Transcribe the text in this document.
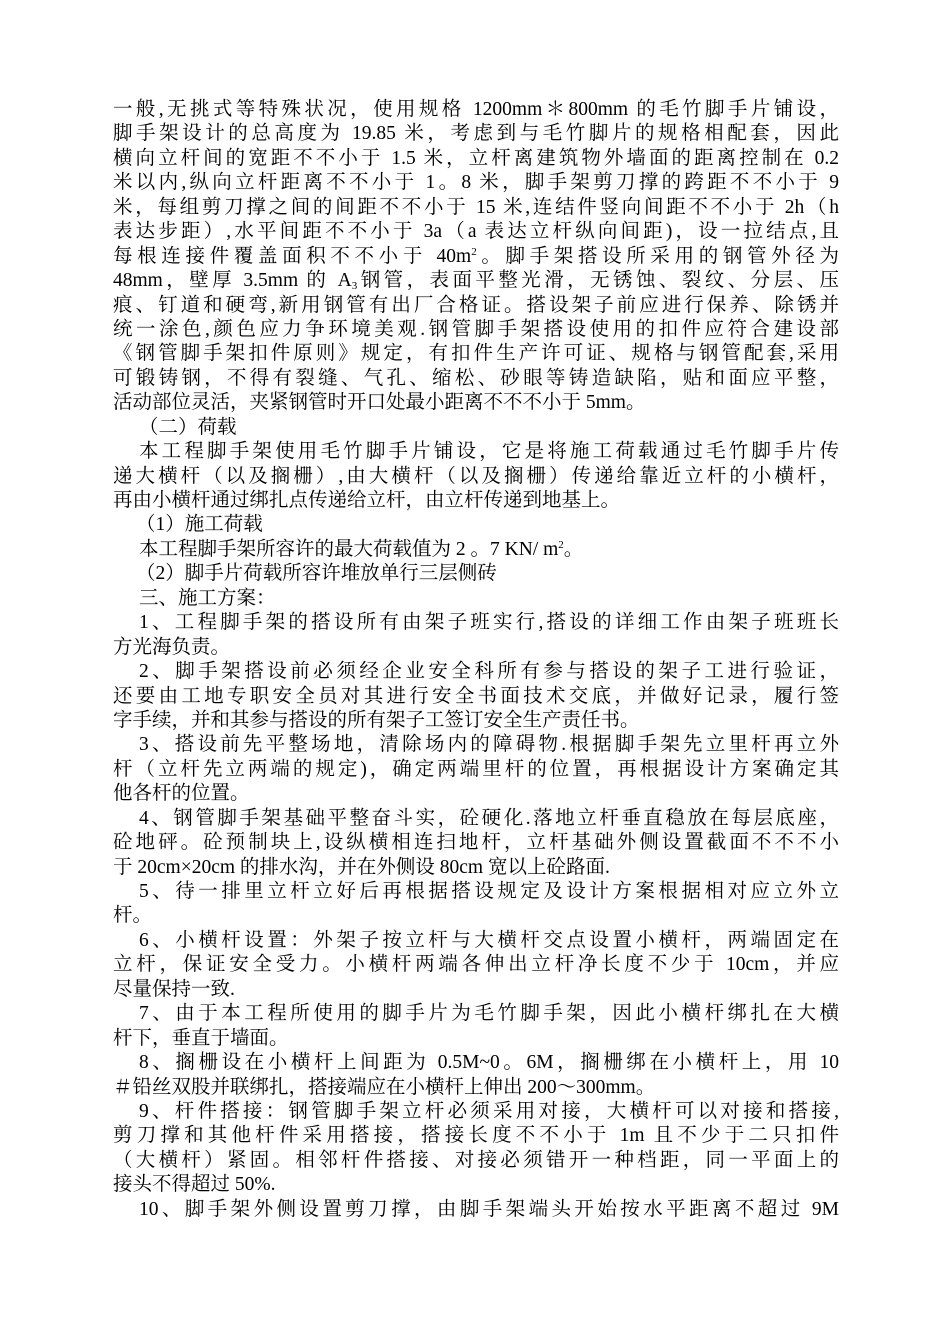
一般,无挑式等特殊状况，使用规格 1200mm＊800mm 的毛竹脚手片铺设，
脚手架设计的总高度为 19.85 米，考虑到与毛竹脚片的规格相配套，因此
横向立杆间的宽距不不小于 1.5 米，立杆离建筑物外墙面的距离控制在 0.2
米以内,纵向立杆距离不不小于 1。8 米，脚手架剪刀撑的跨距不不小于 9
米，每组剪刀撑之间的间距不不小于 15 米,连结件竖向间距不不小于 2h（h
表达步距）,水平间距不不小于 3a（a 表达立杆纵向间距)，设一拉结点,且
每根连接件覆盖面积不不小于 $40m^2$。脚手架搭设所采用的钢管外径为
48mm，壁厚 3.5mm 的 $A_3$钢管，表面平整光滑，无锈蚀、裂纹、分层、压
痕、钉道和硬弯,新用钢管有出厂合格证。搭设架子前应进行保养、除锈并
统一涂色,颜色应力争环境美观.钢管脚手架搭设使用的扣件应符合建设部
《钢管脚手架扣件原则》规定，有扣件生产许可证、规格与钢管配套,采用
可锻铸钢，不得有裂缝、气孔、缩松、砂眼等铸造缺陷，贴和面应平整，
活动部位灵活，夹紧钢管时开口处最小距离不不不小于 5mm。
（二）荷载
本工程脚手架使用毛竹脚手片铺设，它是将施工荷载通过毛竹脚手片传
递大横杆（以及搁栅）,由大横杆（以及搁栅）传递给靠近立杆的小横杆，
再由小横杆通过绑扎点传递给立杆，由立杆传递到地基上。
（1）施工荷载
本工程脚手架所容许的最大荷载值为 2 。7 KN/ $m^2$。
（2）脚手片荷载所容许堆放单行三层侧砖
三、施工方案：
1、工程脚手架的搭设所有由架子班实行,搭设的详细工作由架子班班长
方光海负责。
2、脚手架搭设前必须经企业安全科所有参与搭设的架子工进行验证，
还要由工地专职安全员对其进行安全书面技术交底，并做好记录，履行签
字手续，并和其参与搭设的所有架子工签订安全生产责任书。
3、搭设前先平整场地，清除场内的障碍物.根据脚手架先立里杆再立外
杆（立杆先立两端的规定)，确定两端里杆的位置，再根据设计方案确定其
他各杆的位置。
4、钢管脚手架基础平整奋斗实，砼硬化.落地立杆垂直稳放在每层底座，
砼地砰。砼预制块上,设纵横相连扫地杆，立杆基础外侧设置截面不不不小
于 20cm×20cm 的排水沟，并在外侧设 80cm 宽以上砼路面.
5、待一排里立杆立好后再根据搭设规定及设计方案根据相对应立外立
杆。
6、小横杆设置：外架子按立杆与大横杆交点设置小横杆，两端固定在
立杆，保证安全受力。小横杆两端各伸出立杆净长度不少于 10cm，并应
尽量保持一致.
7、由于本工程所使用的脚手片为毛竹脚手架，因此小横杆绑扎在大横
杆下，垂直于墙面。
8、搁栅设在小横杆上间距为 0.5M~0。6M，搁栅绑在小横杆上，用 10
＃铅丝双股并联绑扎，搭接端应在小横杆上伸出 200～300mm。
9、杆件搭接：钢管脚手架立杆必须采用对接，大横杆可以对接和搭接,
剪刀撑和其他杆件采用搭接，搭接长度不不小于 1m 且不少于二只扣件
（大横杆）紧固。相邻杆件搭接、对接必须错开一种档距，同一平面上的
接头不得超过 50%.
10、脚手架外侧设置剪刀撑，由脚手架端头开始按水平距离不超过 9M
